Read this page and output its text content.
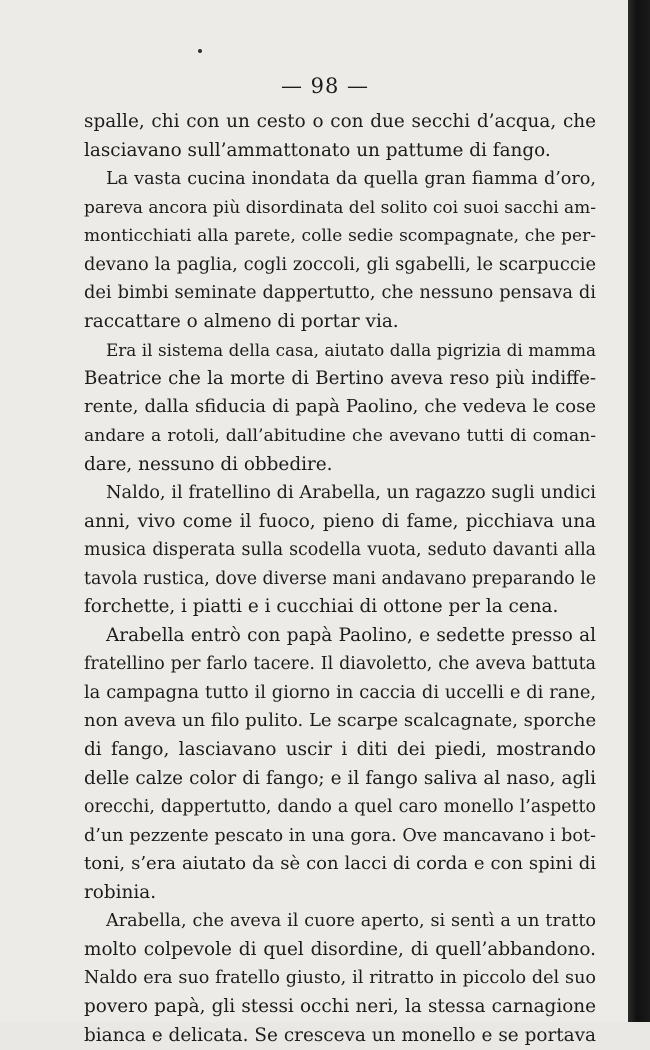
— 98 —
spalle, chi con un cesto o con due secchi d’acqua, che
lasciavano sull’ammattonato un pattume di fango.
La vasta cucina inondata da quella gran fiamma d’oro,
pareva ancora più disordinata del solito coi suoi sacchi am-
monticchiati alla parete, colle sedie scompagnate, che per-
devano la paglia, cogli zoccoli, gli sgabelli, le scarpuccie
dei bimbi seminate dappertutto, che nessuno pensava di
raccattare o almeno di portar via.
Era il sistema della casa, aiutato dalla pigrizia di mamma
Beatrice che la morte di Bertino aveva reso più indiffe-
rente, dalla sfiducia di papà Paolino, che vedeva le cose
andare a rotoli, dall’abitudine che avevano tutti di coman-
dare, nessuno di obbedire.
Naldo, il fratellino di Arabella, un ragazzo sugli undici
anni, vivo come il fuoco, pieno di fame, picchiava una
musica disperata sulla scodella vuota, seduto davanti alla
tavola rustica, dove diverse mani andavano preparando le
forchette, i piatti e i cucchiai di ottone per la cena.
Arabella entrò con papà Paolino, e sedette presso al
fratellino per farlo tacere. Il diavoletto, che aveva battuta
la campagna tutto il giorno in caccia di uccelli e di rane,
non aveva un filo pulito. Le scarpe scalcagnate, sporche
di fango, lasciavano uscir i diti dei piedi, mostrando
delle calze color di fango; e il fango saliva al naso, agli
orecchi, dappertutto, dando a quel caro monello l’aspetto
d’un pezzente pescato in una gora. Ove mancavano i bot-
toni, s’era aiutato da sè con lacci di corda e con spini di
robinia.
Arabella, che aveva il cuore aperto, si sentì a un tratto
molto colpevole di quel disordine, di quell’abbandono.
Naldo era suo fratello giusto, il ritratto in piccolo del suo
povero papà, gli stessi occhi neri, la stessa carnagione
bianca e delicata. Se cresceva un monello e se portava
